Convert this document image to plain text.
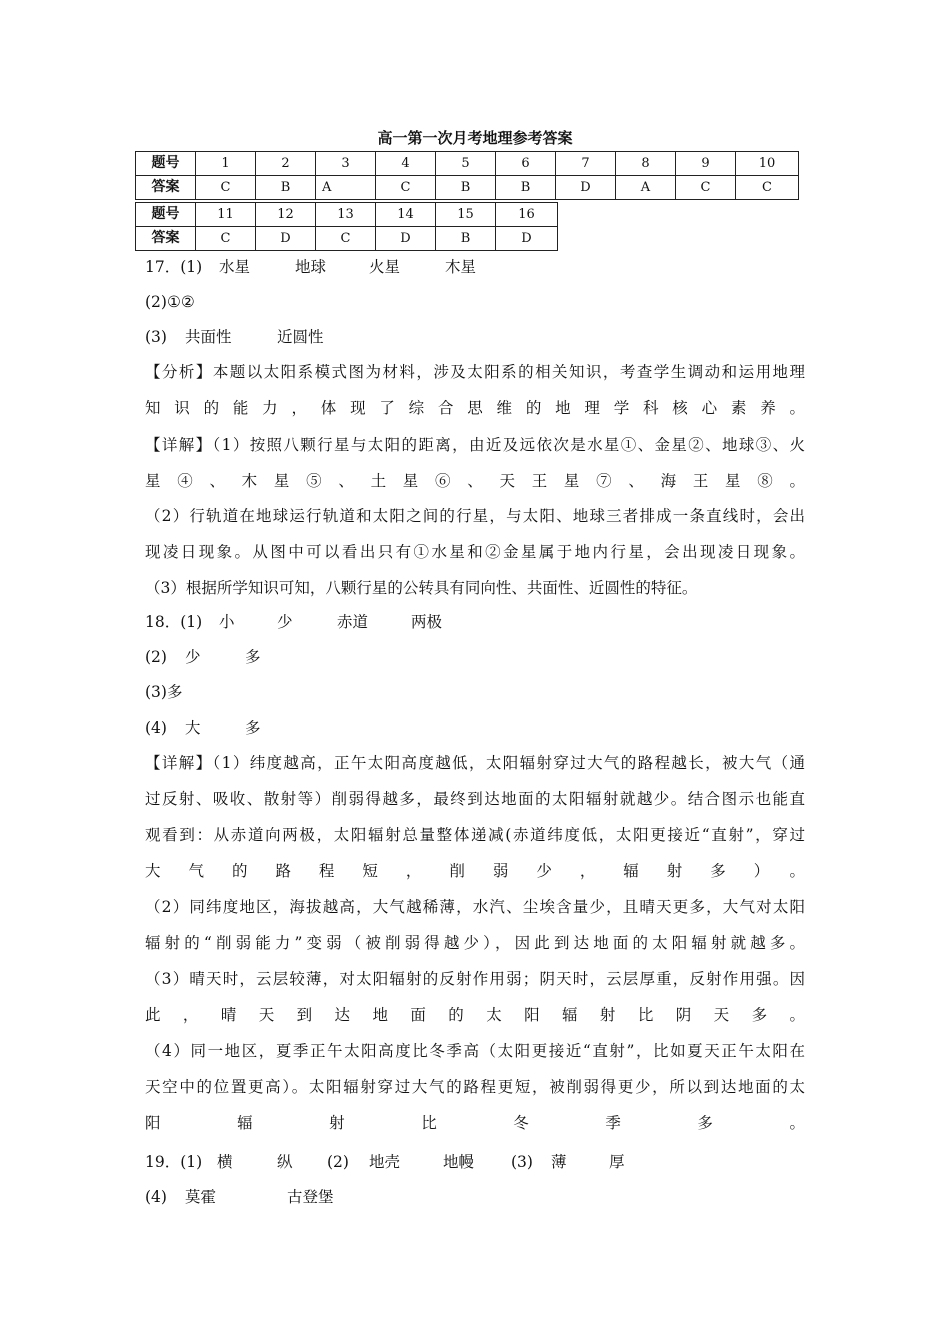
高一第一次月考地理参考答案
题号	1	2	3	4	5	6	7	8	9	10
答案	C	B	A	C	B	B	D	A	C	C
题号	11	12	13	14	15	16
答案	C	D	C	D	B	D
17．(1) 水星	地球	火星	木星
(2)①②
(3) 共面性	近圆性
【分析】本题以太阳系模式图为材料，涉及太阳系的相关知识，考查学生调动和运用地理
知识的能力，体现了综合思维的地理学科核心素养。
【详解】（1）按照八颗行星与太阳的距离，由近及远依次是水星①、金星②、地球③、火
星④、木星⑤、土星⑥、天王星⑦、海王星⑧。
（2）行轨道在地球运行轨道和太阳之间的行星，与太阳、地球三者排成一条直线时，会出
现凌日现象。从图中可以看出只有①水星和②金星属于地内行星，会出现凌日现象。
（3）根据所学知识可知，八颗行星的公转具有同向性、共面性、近圆性的特征。
18．(1) 小	少	赤道	两极
(2) 少	多
(3)多
(4) 大	多
【详解】（1）纬度越高，正午太阳高度越低，太阳辐射穿过大气的路程越长，被大气（通
过反射、吸收、散射等）削弱得越多，最终到达地面的太阳辐射就越少。结合图示也能直
观看到：从赤道向两极，太阳辐射总量整体递减(赤道纬度低，太阳更接近“直射”，穿过
大气的路程短，削弱少，辐射多）。
（2）同纬度地区，海拔越高，大气越稀薄，水汽、尘埃含量少，且晴天更多，大气对太阳
辐射的“削弱能力”变弱（被削弱得越少），因此到达地面的太阳辐射就越多。
（3）晴天时，云层较薄，对太阳辐射的反射作用弱；阴天时，云层厚重，反射作用强。因
此，晴天到达地面的太阳辐射比阴天多。
（4）同一地区，夏季正午太阳高度比冬季高（太阳更接近“直射”，比如夏天正午太阳在
天空中的位置更高）。太阳辐射穿过大气的路程更短，被削弱得更少，所以到达地面的太
阳辐射比冬季多。
19．(1) 横	纵 (2) 地壳	地幔 (3) 薄	厚
(4) 莫霍	古登堡
